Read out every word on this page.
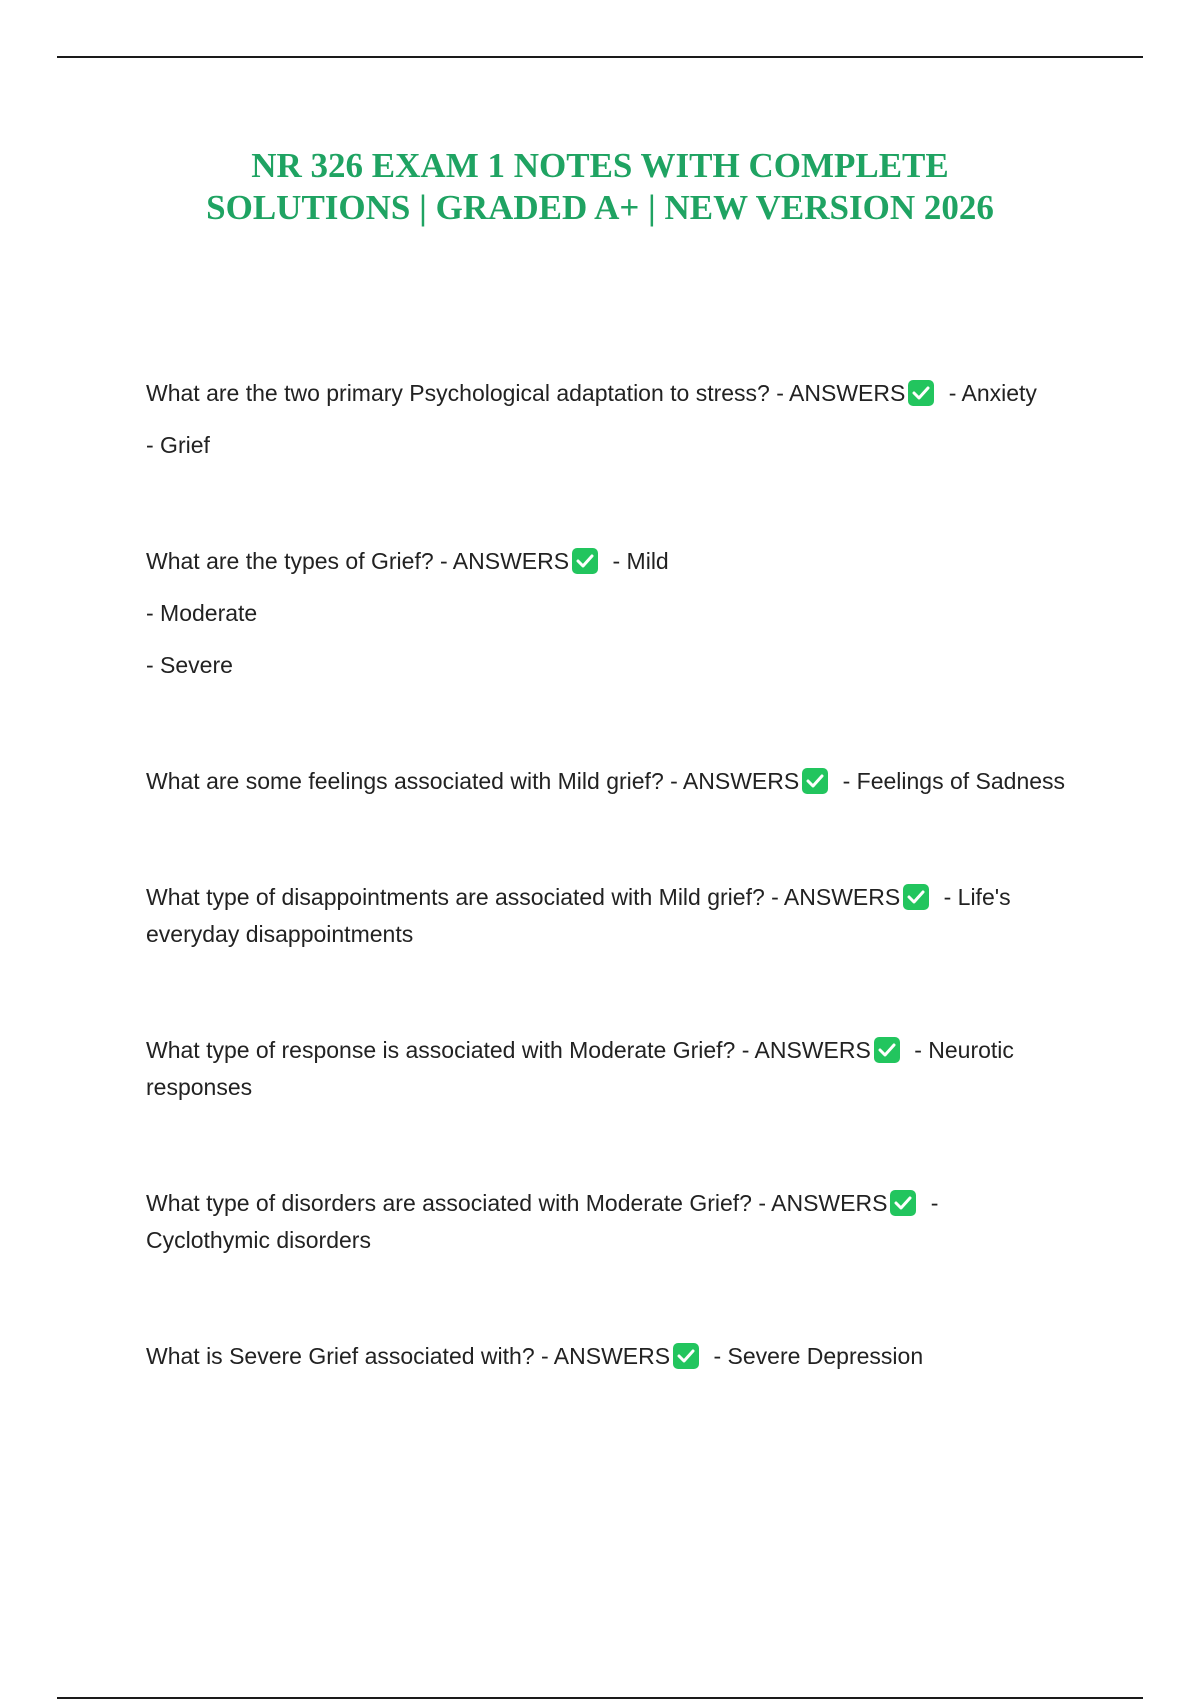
NR 326 EXAM 1 NOTES WITH COMPLETE
SOLUTIONS | GRADED A+ | NEW VERSION 2026

What are the two primary Psychological adaptation to stress? - ANSWERS
- Anxiety

- Grief

What are the types of Grief? - ANSWERS
- Mild

- Moderate

- Severe

What are some feelings associated with Mild grief? - ANSWERS
- Feelings of Sadness

What type of disappointments are associated with Mild grief? - ANSWERS
- Life's everyday disappointments

What type of response is associated with Moderate Grief? - ANSWERS
- Neurotic responses

What type of disorders are associated with Moderate Grief? - ANSWERS
- Cyclothymic disorders

What is Severe Grief associated with? - ANSWERS
- Severe Depression
